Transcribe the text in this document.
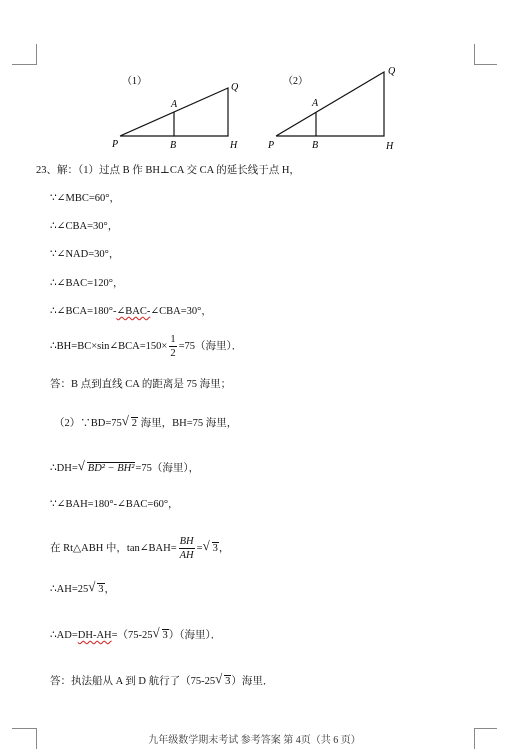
（1）
P
A
B	H
Q
（2）
P
A
B	H
Q
23、解：（1）过点 B 作 BH⊥CA 交 CA 的延长线于点 H，
∵∠MBC=60°，
∴∠CBA=30°，
∵∠NAD=30°，
∴∠BAC=120°，
∴∠BCA=180°-∠BAC-∠CBA=30°，
∴BH=BC×sin∠BCA=150× $\frac{1}{2} =75$（海里）．
答：B 点到直线 CA 的距离是 75 海里；
（2）∵BD=75 √ 2 海里，BH=75 海里，
∴DH= √ BD² − BH²=75（海里），
∵∠BAH=180°-∠BAC=60°，
在 Rt△ABH 中，tan∠BAH= $\frac{BH}{AH}$ = √ 3，
∴AH=25 √ 3，
∴AD=DH-AH=（75-25 √ 3）（海里）．
答：执法船从 A 到 D 航行了（75-25 √ 3）海里．
九年级数学期末考试 参考答案 第 4页（共 6 页）
